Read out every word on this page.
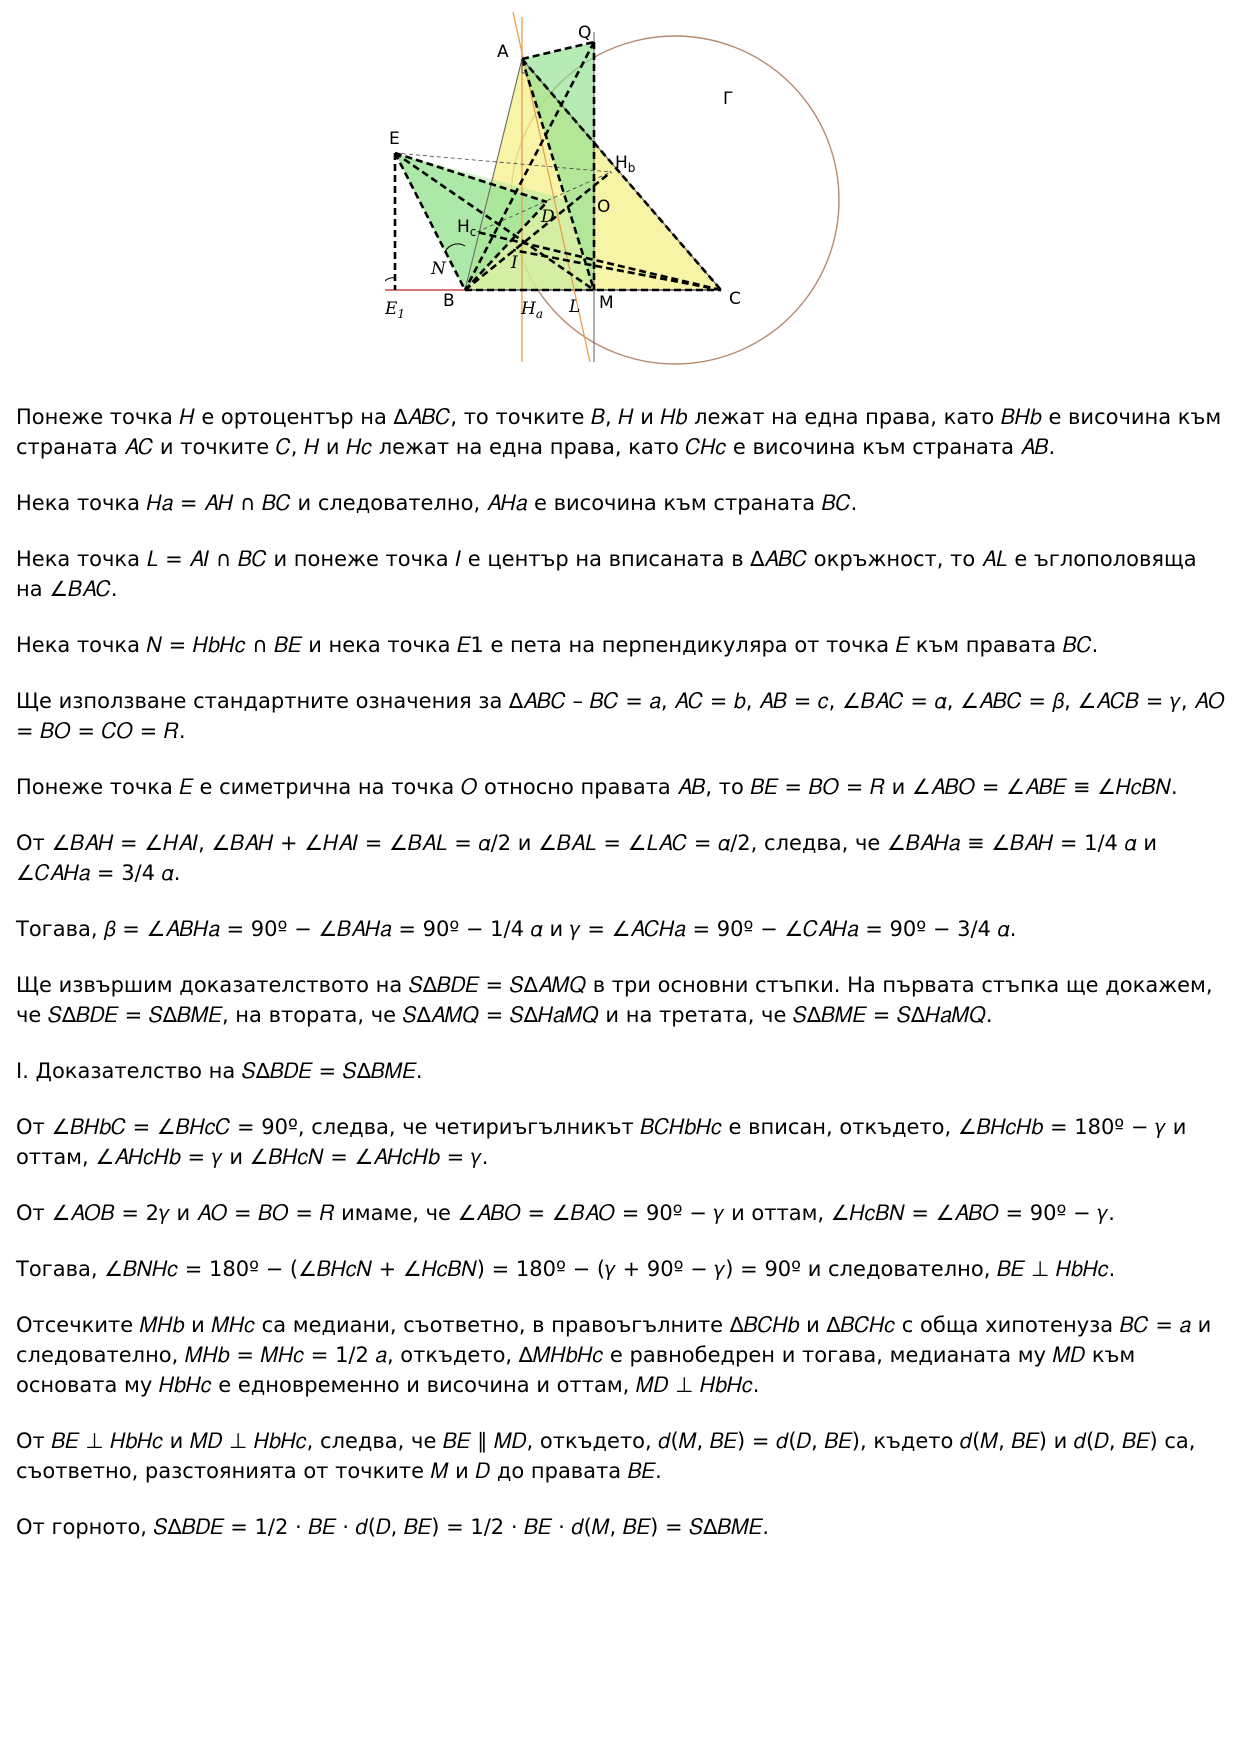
A
Q
Γ
E
$H_b$
O
$H_c$
D
N	I
$E_1$
B	$H_a$ L M	C

Понеже точка 𝐻 е ортоцентър на ∆𝐴𝐵𝐶, то точките 𝐵, 𝐻 и 𝐻𝑏 лежат на една права, като 𝐵𝐻𝑏 е височина към страната 𝐴𝐶 и точките 𝐶, 𝐻 и 𝐻𝑐 лежат на една права, като 𝐶𝐻𝑐 е височина към страната 𝐴𝐵.

Нека точка 𝐻𝑎 = 𝐴𝐻 ∩ 𝐵𝐶 и следователно, 𝐴𝐻𝑎 е височина към страната 𝐵𝐶.

Нека точка 𝐿 = 𝐴𝐼 ∩ 𝐵𝐶 и понеже точка 𝐼 е център на вписаната в ∆𝐴𝐵𝐶 окръжност, то 𝐴𝐿 е ъглополовяща на ∠𝐵𝐴𝐶.

Нека точка 𝑁 = 𝐻𝑏𝐻𝑐 ∩ 𝐵𝐸 и нека точка 𝐸1 е пета на перпендикуляра от точка 𝐸 към правата 𝐵𝐶.

Ще използване стандартните означения за ∆𝐴𝐵𝐶 – 𝐵𝐶 = 𝑎, 𝐴𝐶 = 𝑏, 𝐴𝐵 = 𝑐, ∠𝐵𝐴𝐶 = 𝛼, ∠𝐴𝐵𝐶 = 𝛽, ∠𝐴𝐶𝐵 = 𝛾, 𝐴𝑂 = 𝐵𝑂 = 𝐶𝑂 = 𝑅.

Понеже точка 𝐸 е симетрична на точка 𝑂 относно правата 𝐴𝐵, то 𝐵𝐸 = 𝐵𝑂 = 𝑅 и ∠𝐴𝐵𝑂 = ∠𝐴𝐵𝐸 ≡ ∠𝐻𝑐𝐵𝑁.

От ∠𝐵𝐴𝐻 = ∠𝐻𝐴𝐼, ∠𝐵𝐴𝐻 + ∠𝐻𝐴𝐼 = ∠𝐵𝐴𝐿 = 𝛼/2 и ∠𝐵𝐴𝐿 = ∠𝐿𝐴𝐶 = 𝛼/2, следва, че ∠𝐵𝐴𝐻𝑎 ≡ ∠𝐵𝐴𝐻 = 1/4 𝛼 и ∠𝐶𝐴𝐻𝑎 = 3/4 𝛼.

Тогава, 𝛽 = ∠𝐴𝐵𝐻𝑎 = 90º − ∠𝐵𝐴𝐻𝑎 = 90º − 1/4 𝛼 и 𝛾 = ∠𝐴𝐶𝐻𝑎 = 90º − ∠𝐶𝐴𝐻𝑎 = 90º − 3/4 𝛼.

Ще извършим доказателството на 𝑆∆𝐵𝐷𝐸 = 𝑆∆𝐴𝑀𝑄 в три основни стъпки. На първата стъпка ще докажем, че 𝑆∆𝐵𝐷𝐸 = 𝑆∆𝐵𝑀𝐸, на втората, че 𝑆∆𝐴𝑀𝑄 = 𝑆∆𝐻𝑎𝑀𝑄 и на третата, че 𝑆∆𝐵𝑀𝐸 = 𝑆∆𝐻𝑎𝑀𝑄.

I. Доказателство на 𝑆∆𝐵𝐷𝐸 = 𝑆∆𝐵𝑀𝐸.

От ∠𝐵𝐻𝑏𝐶 = ∠𝐵𝐻𝑐𝐶 = 90º, следва, че четириъгълникът 𝐵𝐶𝐻𝑏𝐻𝑐 е вписан, откъдето, ∠𝐵𝐻𝑐𝐻𝑏 = 180º − 𝛾 и оттам, ∠𝐴𝐻𝑐𝐻𝑏 = 𝛾 и ∠𝐵𝐻𝑐𝑁 = ∠𝐴𝐻𝑐𝐻𝑏 = 𝛾.

От ∠𝐴𝑂𝐵 = 2𝛾 и 𝐴𝑂 = 𝐵𝑂 = 𝑅 имаме, че ∠𝐴𝐵𝑂 = ∠𝐵𝐴𝑂 = 90º − 𝛾 и оттам, ∠𝐻𝑐𝐵𝑁 = ∠𝐴𝐵𝑂 = 90º − 𝛾.

Тогава, ∠𝐵𝑁𝐻𝑐 = 180º − (∠𝐵𝐻𝑐𝑁 + ∠𝐻𝑐𝐵𝑁) = 180º − (𝛾 + 90º − 𝛾) = 90º и следователно, 𝐵𝐸 ⊥ 𝐻𝑏𝐻𝑐.

Отсечките 𝑀𝐻𝑏 и 𝑀𝐻𝑐 са медиани, съответно, в правоъгълните ∆𝐵𝐶𝐻𝑏 и ∆𝐵𝐶𝐻𝑐 с обща хипотенуза 𝐵𝐶 = 𝑎 и следователно, 𝑀𝐻𝑏 = 𝑀𝐻𝑐 = 1/2 𝑎, откъдето, ∆𝑀𝐻𝑏𝐻𝑐 е равнобедрен и тогава, медианата му 𝑀𝐷 към основата му 𝐻𝑏𝐻𝑐 е едновременно и височина и оттам, 𝑀𝐷 ⊥ 𝐻𝑏𝐻𝑐.

От 𝐵𝐸 ⊥ 𝐻𝑏𝐻𝑐 и 𝑀𝐷 ⊥ 𝐻𝑏𝐻𝑐, следва, че 𝐵𝐸 ∥ 𝑀𝐷, откъдето, 𝑑(𝑀, 𝐵𝐸) = 𝑑(𝐷, 𝐵𝐸), където 𝑑(𝑀, 𝐵𝐸) и 𝑑(𝐷, 𝐵𝐸) са, съответно, разстоянията от точките 𝑀 и 𝐷 до правата 𝐵𝐸.

От горното, 𝑆∆𝐵𝐷𝐸 = 1/2 ⋅ 𝐵𝐸 ⋅ 𝑑(𝐷, 𝐵𝐸) = 1/2 ⋅ 𝐵𝐸 ⋅ 𝑑(𝑀, 𝐵𝐸) = 𝑆∆𝐵𝑀𝐸.
